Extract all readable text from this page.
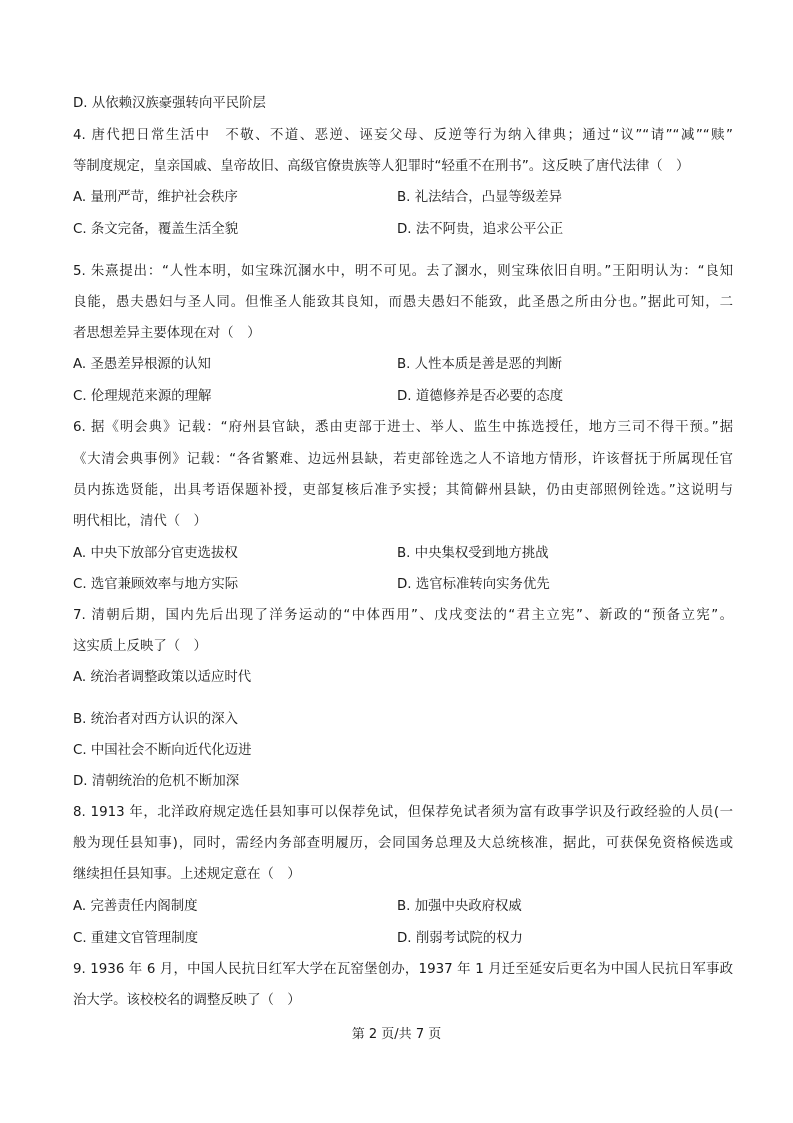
D. 从依赖汉族豪强转向平民阶层
4. 唐代把日常生活中　不敬、不道、恶逆、诬妄父母、反逆等行为纳入律典；通过“议”“请”“减”“赎”
等制度规定，皇亲国戚、皇帝故旧、高级官僚贵族等人犯罪时“轻重不在刑书”。这反映了唐代法律（　）
A. 量刑严苛，维护社会秩序	B. 礼法结合，凸显等级差异
C. 条文完备，覆盖生活全貌	D. 法不阿贵，追求公平公正
5. 朱熹提出：“人性本明，如宝珠沉溷水中，明不可见。去了溷水，则宝珠依旧自明。”王阳明认为：“良知
良能，愚夫愚妇与圣人同。但惟圣人能致其良知，而愚夫愚妇不能致，此圣愚之所由分也。”据此可知，二
者思想差异主要体现在对（　）
A. 圣愚差异根源的认知	B. 人性本质是善是恶的判断
C. 伦理规范来源的理解	D. 道德修养是否必要的态度
6. 据《明会典》记载：“府州县官缺，悉由吏部于进士、举人、监生中拣选授任，地方三司不得干预。”据
《大清会典事例》记载：“各省繁难、边远州县缺，若吏部铨选之人不谙地方情形，许该督抚于所属现任官
员内拣选贤能，出具考语保题补授，吏部复核后准予实授；其简僻州县缺，仍由吏部照例铨选。”这说明与
明代相比，清代（　）
A. 中央下放部分官吏选拔权	B. 中央集权受到地方挑战
C. 选官兼顾效率与地方实际	D. 选官标准转向实务优先
7. 清朝后期，国内先后出现了洋务运动的“中体西用”、戊戌变法的“君主立宪”、新政的“预备立宪”。
这实质上反映了（　）
A. 统治者调整政策以适应时代
B. 统治者对西方认识的深入
C. 中国社会不断向近代化迈进
D. 清朝统治的危机不断加深
8. 1913 年，北洋政府规定选任县知事可以保荐免试，但保荐免试者须为富有政事学识及行政经验的人员(一
般为现任县知事)，同时，需经内务部查明履历，会同国务总理及大总统核准，据此，可获保免资格候选或
继续担任县知事。上述规定意在（　）
A. 完善责任内阁制度	B. 加强中央政府权威
C. 重建文官管理制度	D. 削弱考试院的权力
9. 1936 年 6 月，中国人民抗日红军大学在瓦窑堡创办，1937 年 1 月迁至延安后更名为中国人民抗日军事政
治大学。该校校名的调整反映了（　）
第 2 页/共 7 页
